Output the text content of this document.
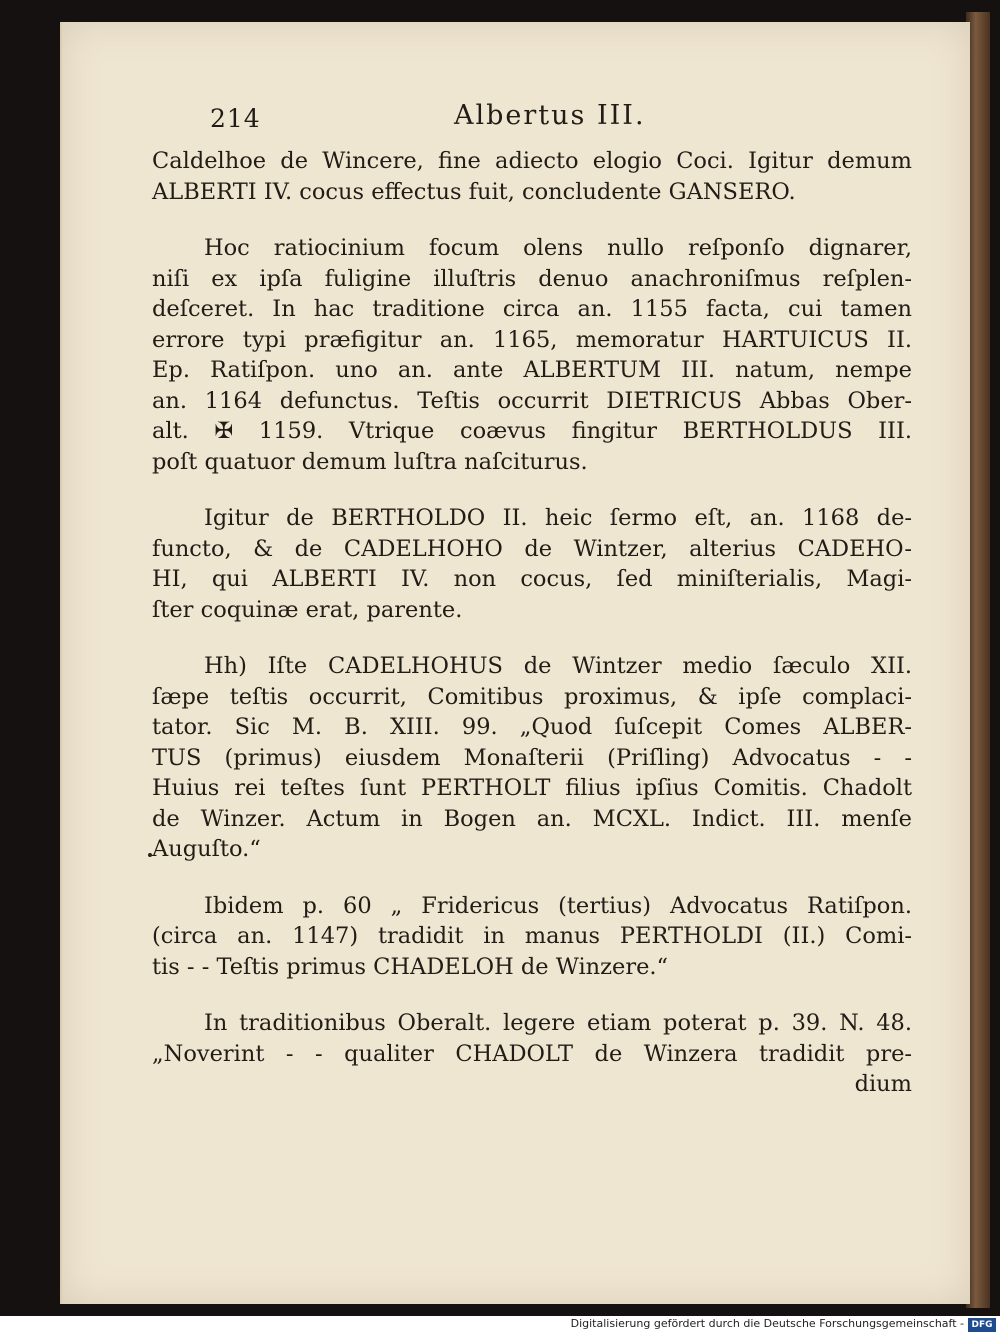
214	Albertus III.
Caldelhoe de Wincere, fine adiecto elogio Coci. Igitur demum
ALBERTI IV. cocus effectus fuit, concludente GANSERO.
Hoc ratiocinium focum olens nullo reſponſo dignarer,
niſi ex ipſa fuligine illuſtris denuo anachroniſmus reſplen-
deſceret. In hac traditione circa an. 1155 facta, cui tamen
errore typi præfigitur an. 1165, memoratur HARTUICUS II.
Ep. Ratiſpon. uno an. ante ALBERTUM III. natum, nempe
an. 1164 defunctus. Teſtis occurrit DIETRICUS Abbas Ober-
alt. ✠ 1159. Vtrique coævus fingitur BERTHOLDUS III.
poſt quatuor demum luſtra naſciturus.
Igitur de BERTHOLDO II. heic ſermo eſt, an. 1168 de-
functo, & de CADELHOHO de Wintzer, alterius CADEHO-
HI, qui ALBERTI IV. non cocus, ſed miniſterialis, Magi-
ſter coquinæ erat, parente.
Hh) Iſte CADELHOHUS de Wintzer medio ſæculo XII.
ſæpe teſtis occurrit, Comitibus proximus, & ipſe complaci-
tator. Sic M. B. XIII. 99. „Quod ſuſcepit Comes ALBER-
TUS (primus) eiusdem Monaſterii (Priſling) Advocatus - -
Huius rei teſtes ſunt PERTHOLT filius ipſius Comitis. Chadolt
de Winzer. Actum in Bogen an. MCXL. Indict. III. menſe
Auguſto.“
Ibidem p. 60 „ Fridericus (tertius) Advocatus Ratiſpon.
(circa an. 1147) tradidit in manus PERTHOLDI (II.) Comi-
tis - - Teſtis primus CHADELOH de Winzere.“
In traditionibus Oberalt. legere etiam poterat p. 39. N. 48.
„Noverint - - qualiter CHADOLT de Winzera tradidit pre-
dium
Digitalisierung gefördert durch die Deutsche Forschungsgemeinschaft - DFG
